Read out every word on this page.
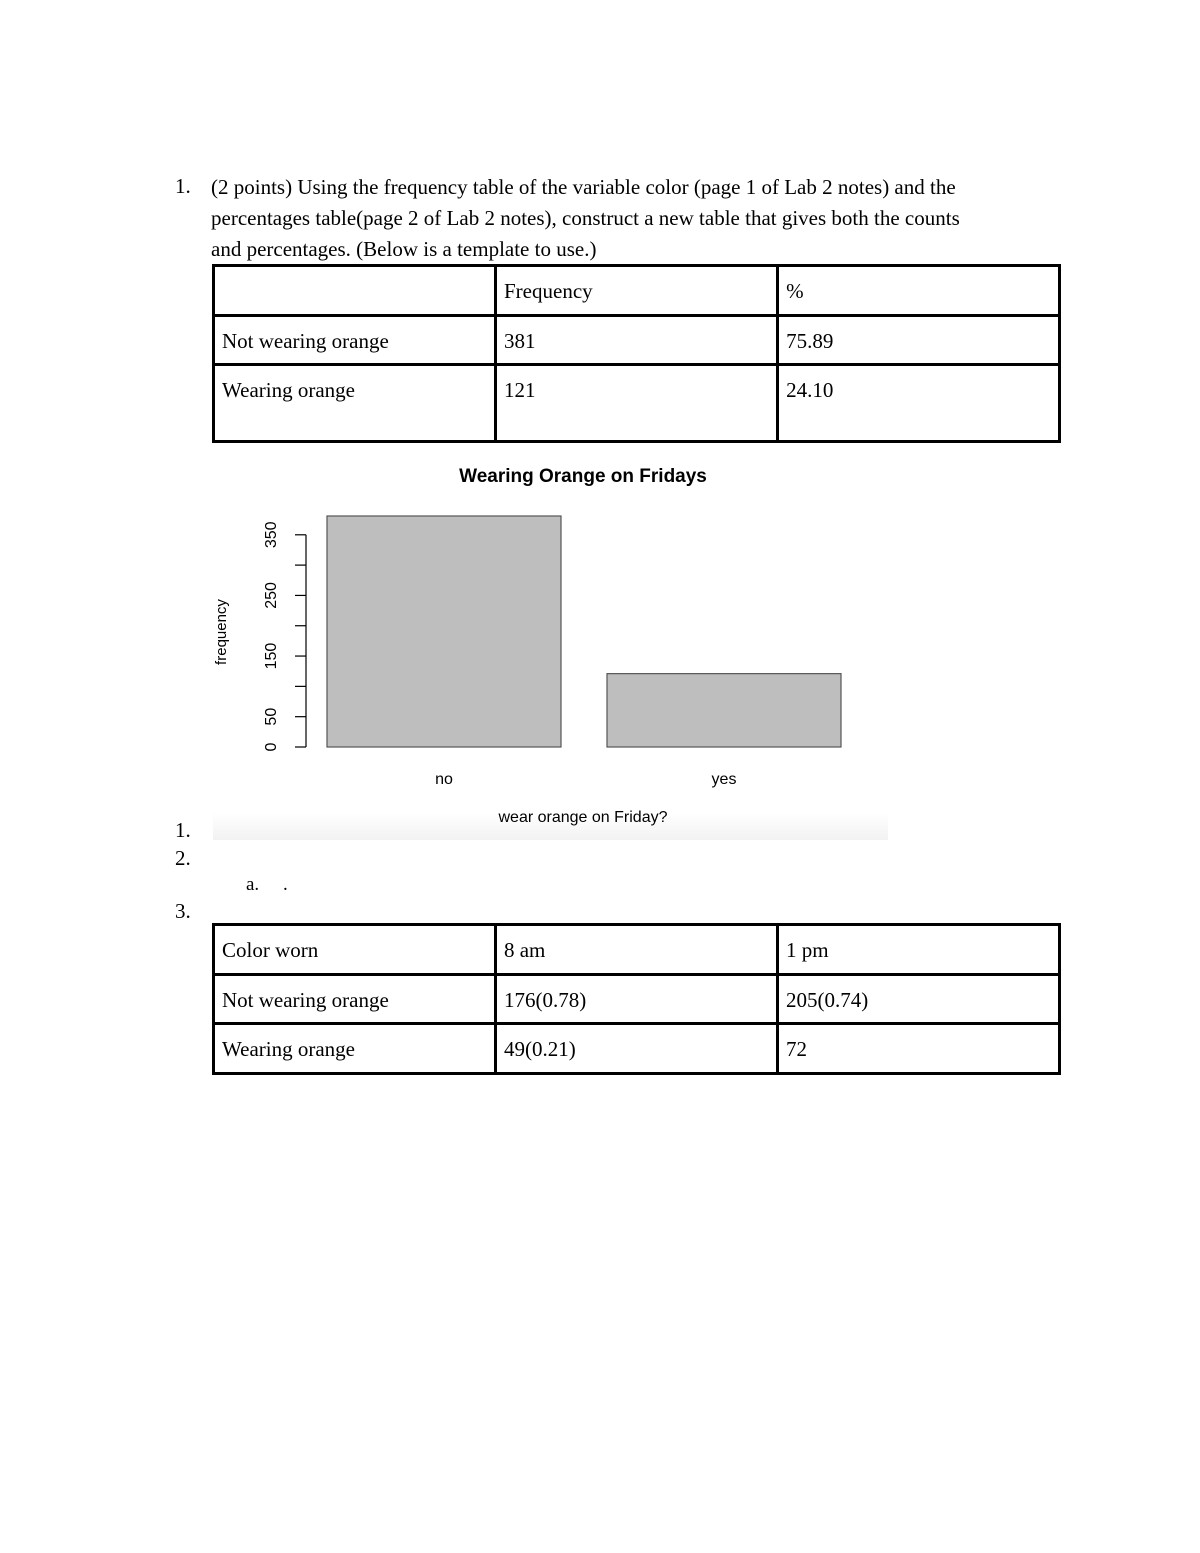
1. (2 points) Using the frequency table of the variable color (page 1 of Lab 2 notes) and the
percentages table(page 2 of Lab 2 notes), construct a new table that gives both the counts
and percentages. (Below is a template to use.)
	Frequency	%
Not wearing orange	381	75.89
Wearing orange	121	24.10
Wearing Orange on Fridays
0
50
150
250
350
no	yes
frequency
wear orange on Friday?
1.
2.
a. .
3.
Color worn	8 am	1 pm
Not wearing orange	176(0.78)	205(0.74)
Wearing orange	49(0.21)	72
